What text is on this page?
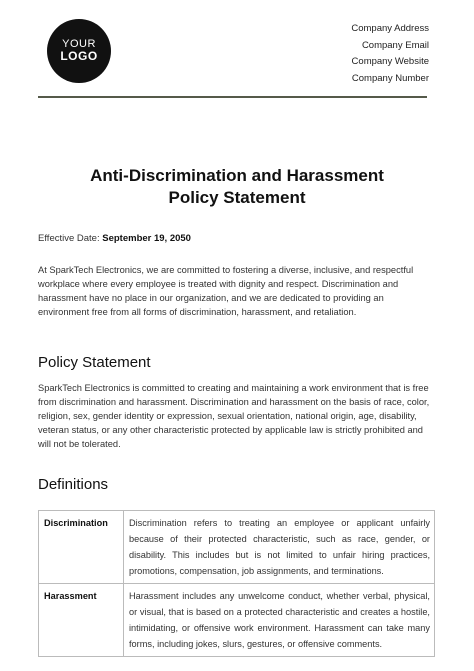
YOUR
LOGO
Company Address
Company Email
Company Website
Company Number
Anti-Discrimination and Harassment
Policy Statement
Effective Date: September 19, 2050

At SparkTech Electronics, we are committed to fostering a diverse, inclusive, and respectful workplace where every employee is treated with dignity and respect. Discrimination and harassment have no place in our organization, and we are dedicated to providing an environment free from all forms of discrimination, harassment, and retaliation.

Policy Statement

SparkTech Electronics is committed to creating and maintaining a work environment that is free from discrimination and harassment. Discrimination and harassment on the basis of race, color, religion, sex, gender identity or expression, sexual orientation, national origin, age, disability, veteran status, or any other characteristic protected by applicable law is strictly prohibited and will not be tolerated.

Definitions
Discrimination	Discrimination refers to treating an employee or applicant unfairly because of their protected characteristic, such as race, gender, or disability. This includes but is not limited to unfair hiring practices, promotions, compensation, job assignments, and terminations.
Harassment	Harassment includes any unwelcome conduct, whether verbal, physical, or visual, that is based on a protected characteristic and creates a hostile, intimidating, or offensive work environment. Harassment can take many forms, including jokes, slurs, gestures, or offensive comments.
